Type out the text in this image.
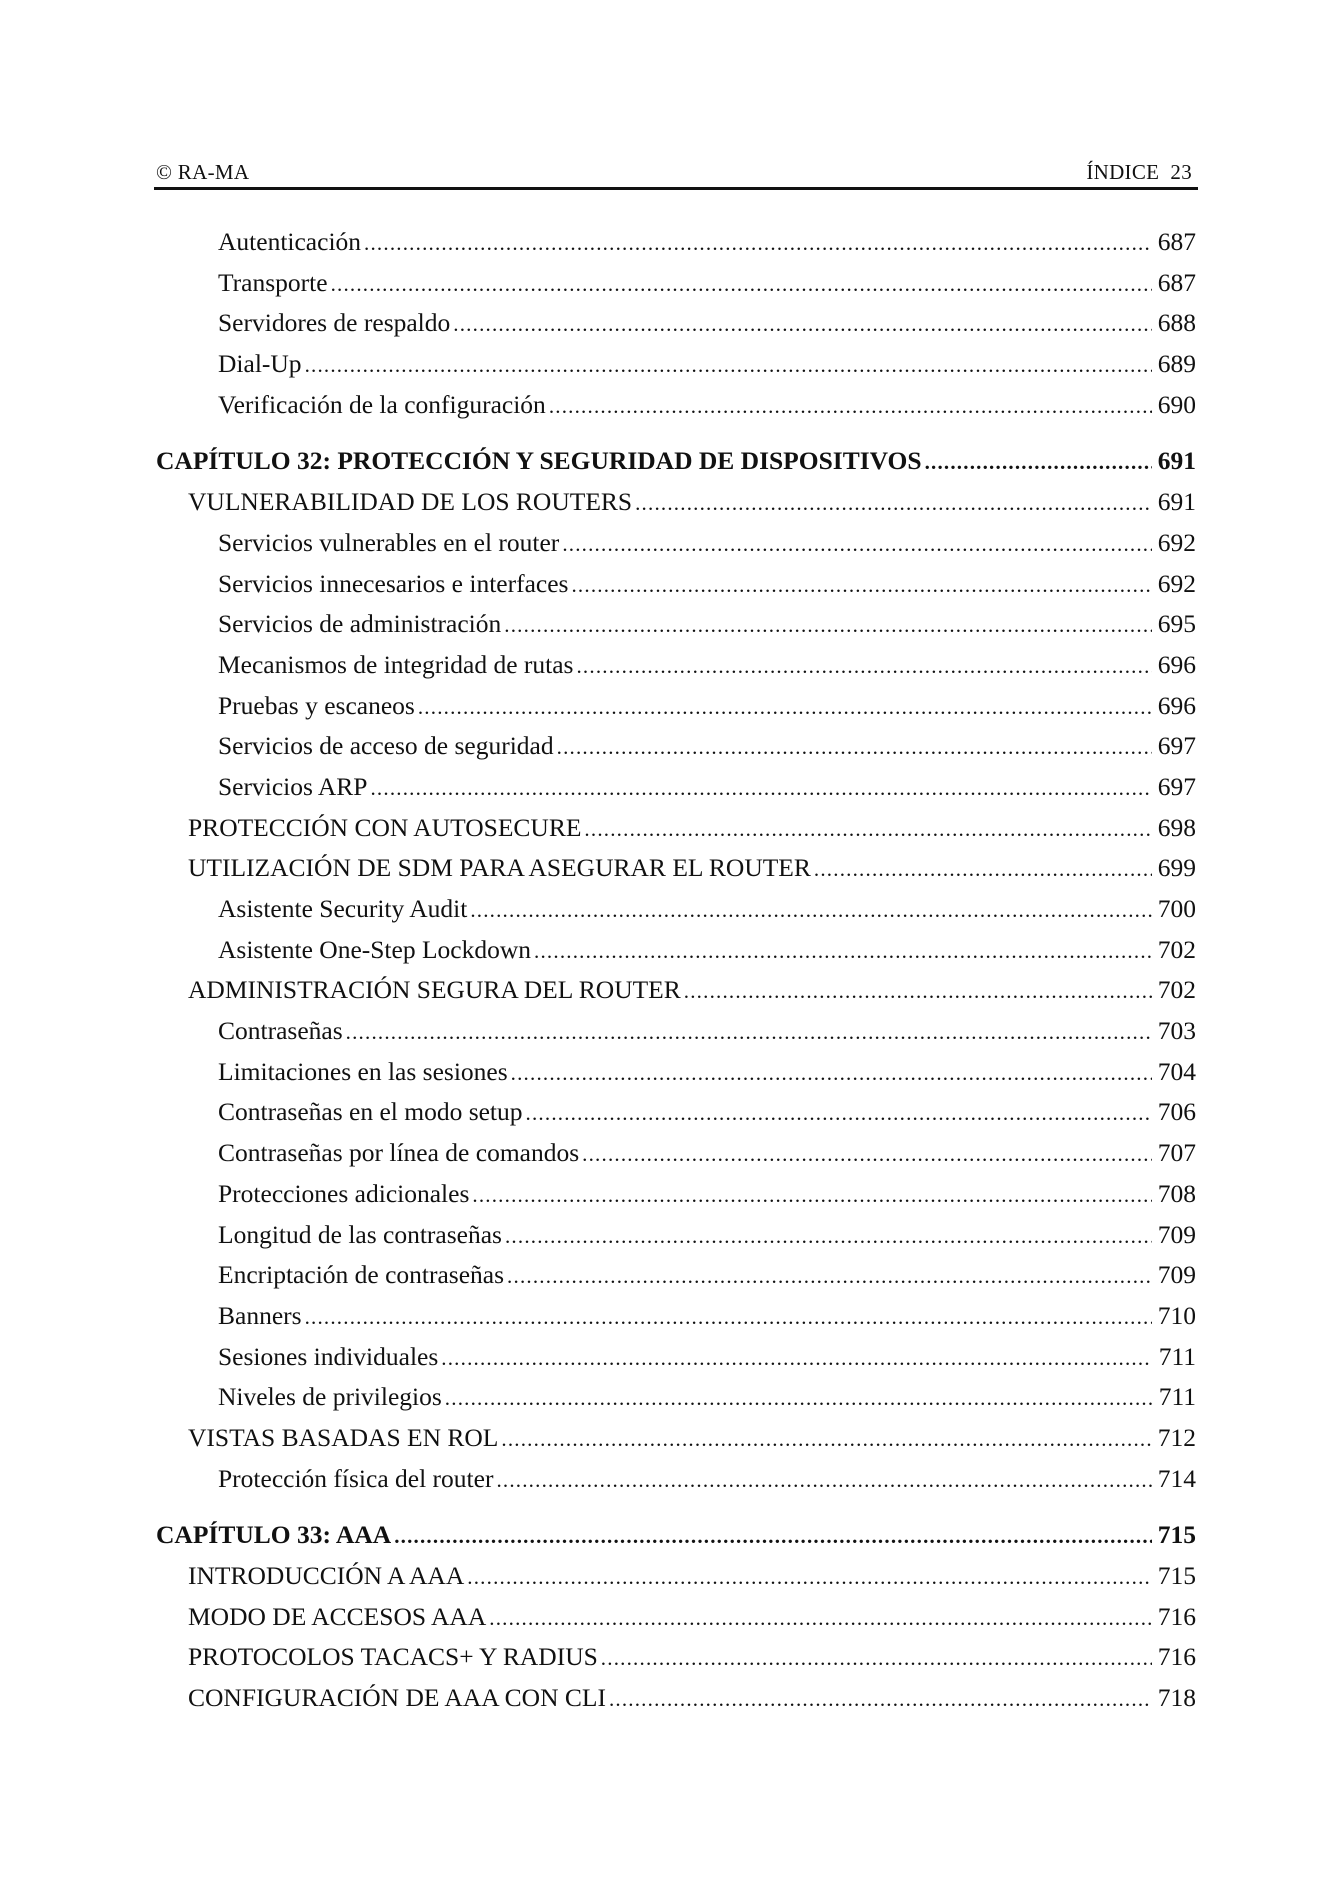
© RA-MA	ÍNDICE 23
Autenticación .....	687
Transporte .....	687
Servidores de respaldo .....	688
Dial-Up .....	689
Verificación de la configuración .....	690
CAPÍTULO 32: PROTECCIÓN Y SEGURIDAD DE DISPOSITIVOS .....	691
VULNERABILIDAD DE LOS ROUTERS .....	691
Servicios vulnerables en el router .....	692
Servicios innecesarios e interfaces .....	692
Servicios de administración .....	695
Mecanismos de integridad de rutas .....	696
Pruebas y escaneos .....	696
Servicios de acceso de seguridad .....	697
Servicios ARP .....	697
PROTECCIÓN CON AUTOSECURE .....	698
UTILIZACIÓN DE SDM PARA ASEGURAR EL ROUTER .....	699
Asistente Security Audit .....	700
Asistente One-Step Lockdown .....	702
ADMINISTRACIÓN SEGURA DEL ROUTER .....	702
Contraseñas .....	703
Limitaciones en las sesiones .....	704
Contraseñas en el modo setup .....	706
Contraseñas por línea de comandos .....	707
Protecciones adicionales .....	708
Longitud de las contraseñas .....	709
Encriptación de contraseñas .....	709
Banners .....	710
Sesiones individuales .....	711
Niveles de privilegios .....	711
VISTAS BASADAS EN ROL .....	712
Protección física del router .....	714
CAPÍTULO 33: AAA .....	715
INTRODUCCIÓN A AAA .....	715
MODO DE ACCESOS AAA .....	716
PROTOCOLOS TACACS+ Y RADIUS .....	716
CONFIGURACIÓN DE AAA CON CLI .....	718
